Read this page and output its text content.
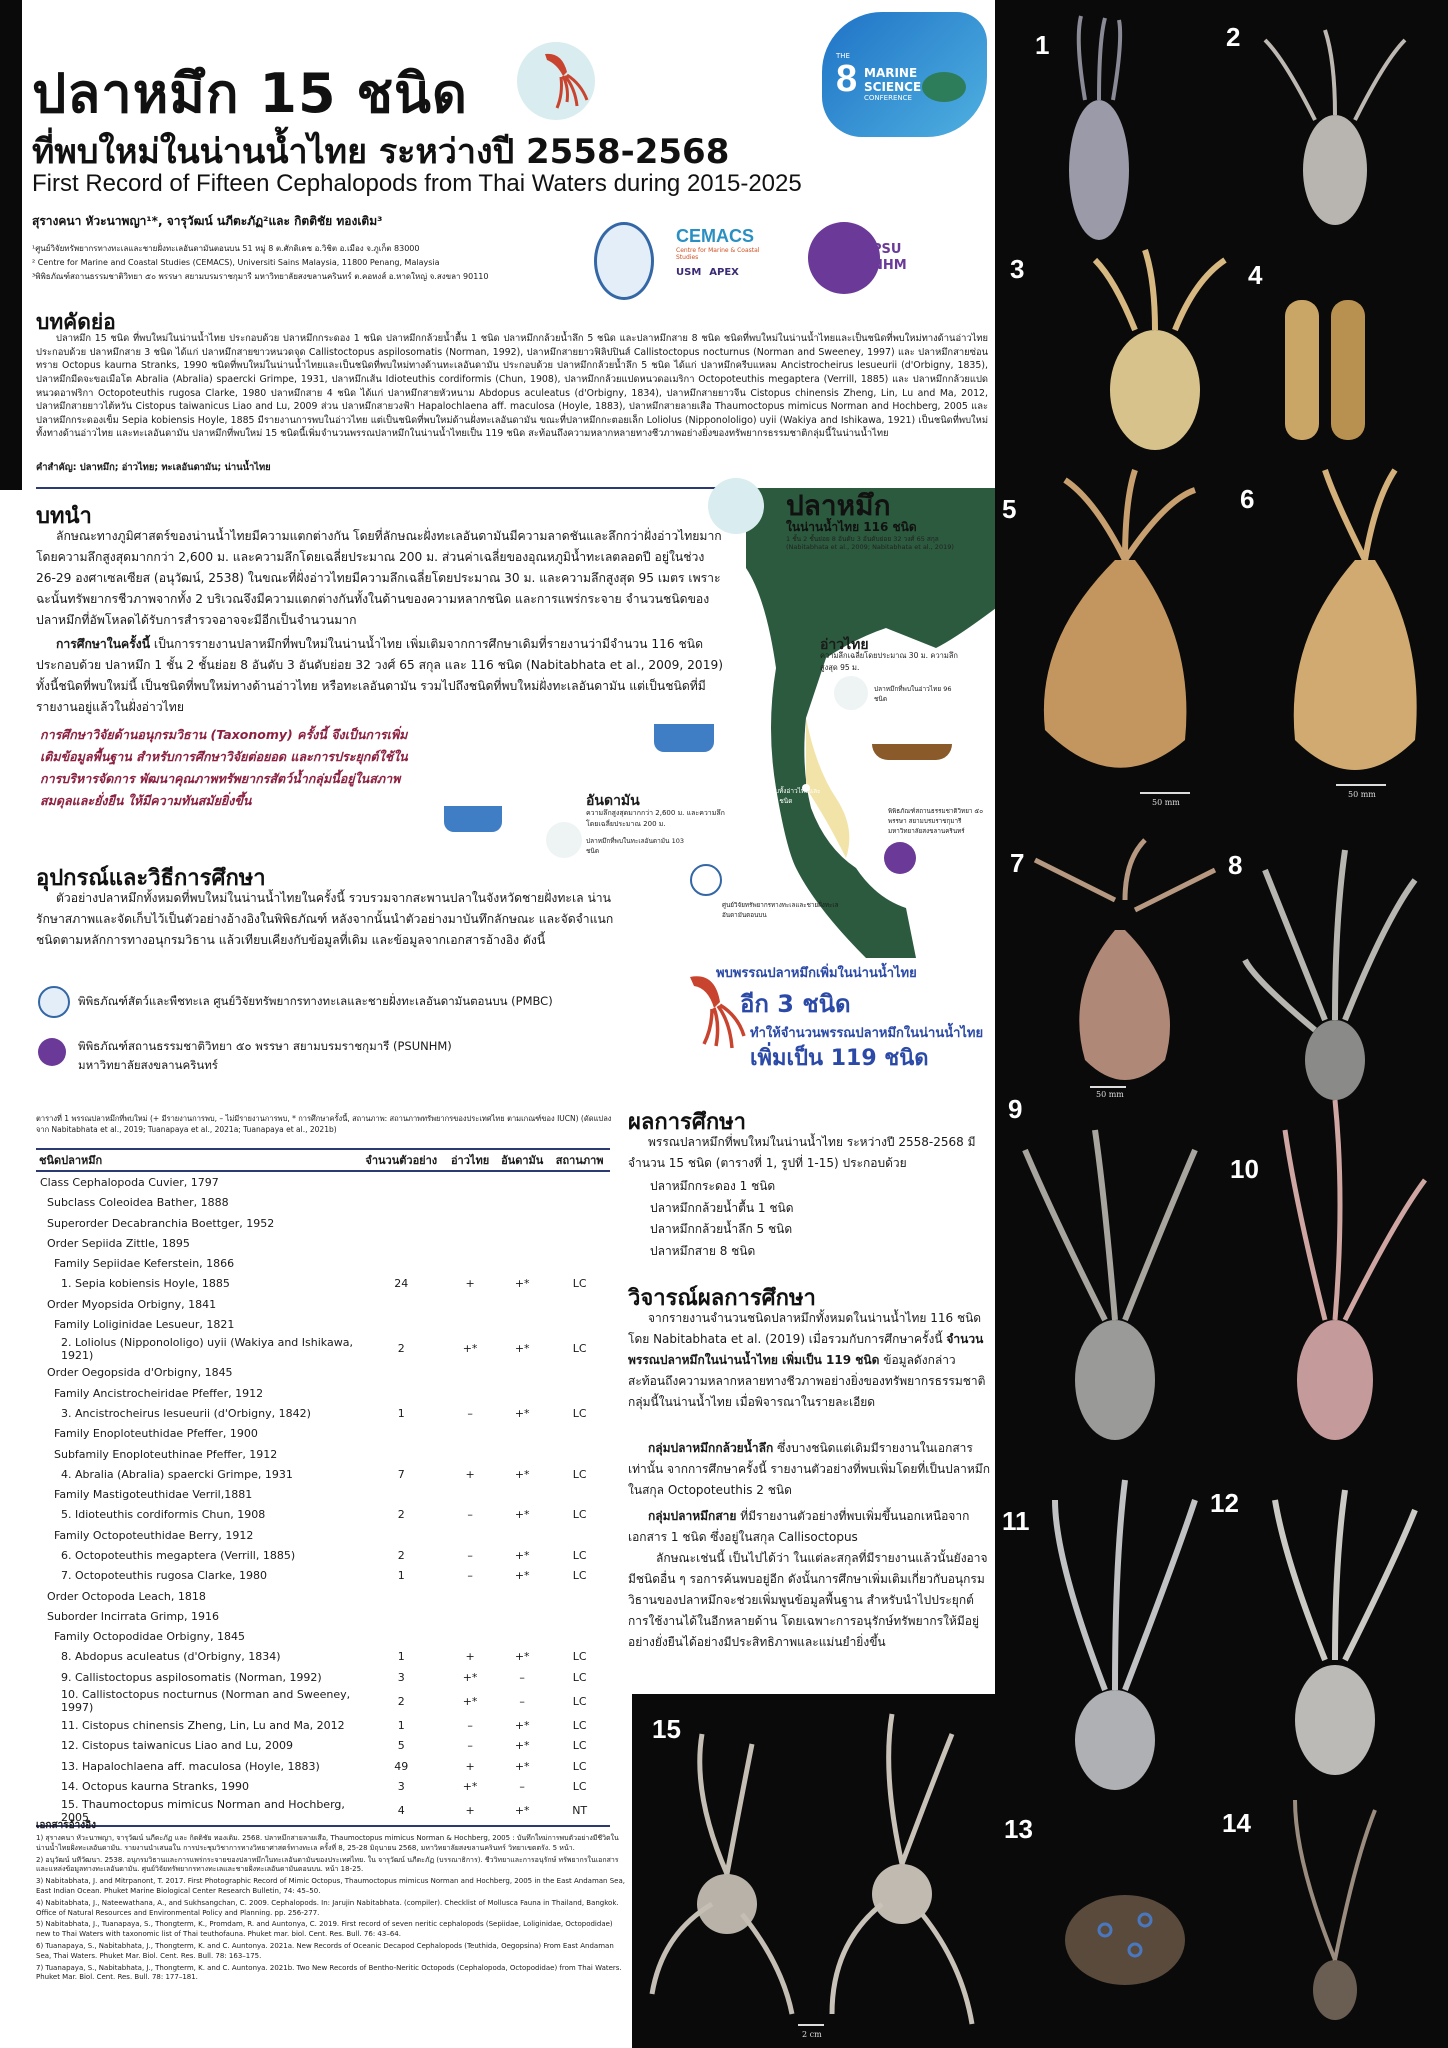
ปลาหมึก 15 ชนิด
ที่พบใหม่ในน่านน้ำไทย ระหว่างปี 2558-2568
First Record of Fifteen Cephalopods from Thai Waters during 2015-2025
THE
8 MARINE
SCIENCE
CONFERENCE
สุรางคนา หัวะนาพญา¹*, จารุวัฒน์ นภีตะภัฏ²และ กิตติชัย ทองเติม³
¹ศูนย์วิจัยทรัพยากรทางทะเลและชายฝั่งทะเลอันดามันตอนบน 51 หมู่ 8 ต.ศักดิเดช อ.วิชิต อ.เมือง จ.ภูเก็ต 83000
² Centre for Marine and Coastal Studies (CEMACS), Universiti Sains Malaysia, 11800 Penang, Malaysia
³พิพิธภัณฑ์สถานธรรมชาติวิทยา ๕๐ พรรษา สยามบรมราชกุมารี มหาวิทยาลัยสงขลานครินทร์ ต.คอหงส์ อ.หาดใหญ่ จ.สงขลา 90110
CEMACS
Centre for Marine & Coastal Studies
USM APEX
PSU
NHM
บทคัดย่อ
ปลาหมึก 15 ชนิด ที่พบใหม่ในน่านน้ำไทย ประกอบด้วย ปลาหมึกกระดอง 1 ชนิด ปลาหมึกกล้วยน้ำตื้น 1 ชนิด ปลาหมึกกล้วยน้ำลึก 5 ชนิด และปลาหมึกสาย 8 ชนิด ชนิดที่พบใหม่ในน่านน้ำไทยและเป็นชนิดที่พบใหม่ทางด้านอ่าวไทย ประกอบด้วย ปลาหมึกสาย 3 ชนิด ได้แก่ ปลาหมึกสายขาวหนวดจุด Callistoctopus aspilosomatis (Norman, 1992), ปลาหมึกสายยาวฟิลิปปินส์ Callistoctopus nocturnus (Norman and Sweeney, 1997) และ ปลาหมึกสายซ่อนทราย Octopus kaurna Stranks, 1990 ชนิดที่พบใหม่ในน่านน้ำไทยและเป็นชนิดที่พบใหม่ทางด้านทะเลอันดามัน ประกอบด้วย ปลาหมึกกล้วยน้ำลึก 5 ชนิด ได้แก่ ปลาหมึกครีบแหลม Ancistrocheirus lesueurii (d'Orbigny, 1835), ปลาหมึกมีดจะขอเมือโต Abralia (Abralia) spaercki Grimpe, 1931, ปลาหมึกเส้น Idioteuthis cordiformis (Chun, 1908), ปลาหมึกกล้วยแปดหนวดอเมริกา Octopoteuthis megaptera (Verrill, 1885) และ ปลาหมึกกล้วยแปดหนวดอาฟริกา Octopoteuthis rugosa Clarke, 1980 ปลาหมึกสาย 4 ชนิด ได้แก่ ปลาหมึกสายหัวหนาม Abdopus aculeatus (d'Orbigny, 1834), ปลาหมึกสายยาวจีน Cistopus chinensis Zheng, Lin, Lu and Ma, 2012, ปลาหมึกสายยาวไต้หวัน Cistopus taiwanicus Liao and Lu, 2009 ส่วน ปลาหมึกสายวงฟ้า Hapalochlaena aff. maculosa (Hoyle, 1883), ปลาหมึกสายลายเสือ Thaumoctopus mimicus Norman and Hochberg, 2005 และ ปลาหมึกกระดองเข็ม Sepia kobiensis Hoyle, 1885 มีรายงานการพบในอ่าวไทย แต่เป็นชนิดที่พบใหม่ด้านฝั่งทะเลอันดามัน ขณะที่ปลาหมึกกะตอยเล็ก Loliolus (Nipponololigo) uyii (Wakiya and Ishikawa, 1921) เป็นชนิดที่พบใหม่ทั้งทางด้านอ่าวไทย และทะเลอันดามัน ปลาหมึกที่พบใหม่ 15 ชนิดนี้เพิ่มจำนวนพรรณปลาหมึกในน่านน้ำไทยเป็น 119 ชนิด สะท้อนถึงความหลากหลายทางชีวภาพอย่างยิ่งของทรัพยากรธรรมชาติกลุ่มนี้ในน่านน้ำไทย
คำสำคัญ: ปลาหมึก; อ่าวไทย; ทะเลอันดามัน; น่านน้ำไทย
บทนำ
ลักษณะทางภูมิศาสตร์ของน่านน้ำไทยมีความแตกต่างกัน โดยที่ลักษณะฝั่งทะเลอันดามันมีความลาดชันและลึกกว่าฝั่งอ่าวไทยมาก โดยความลึกสูงสุดมากกว่า 2,600 ม. และความลึกโดยเฉลี่ยประมาณ 200 ม. ส่วนค่าเฉลี่ยของอุณหภูมิน้ำทะเลตลอดปี อยู่ในช่วง 26-29 องศาเซลเซียส (อนุวัฒน์, 2538) ในขณะที่ฝั่งอ่าวไทยมีความลึกเฉลี่ยโดยประมาณ 30 ม. และความลึกสูงสุด 95 เมตร เพราะฉะนั้นทรัพยากรชีวภาพจากทั้ง 2 บริเวณจึงมีความแตกต่างกันทั้งในด้านของความหลากชนิด และการแพร่กระจาย จำนวนชนิดของปลาหมึกที่อัพโหลดได้รับการสำรวจอาจจะมีอีกเป็นจำนวนมาก
การศึกษาในครั้งนี้ เป็นการรายงานปลาหมึกที่พบใหม่ในน่านน้ำไทย เพิ่มเติมจากการศึกษาเดิมที่รายงานว่ามีจำนวน 116 ชนิด ประกอบด้วย ปลาหมึก 1 ชั้น 2 ชั้นย่อย 8 อันดับ 3 อันดับย่อย 32 วงศ์ 65 สกุล และ 116 ชนิด (Nabitabhata et al., 2009, 2019) ทั้งนี้ชนิดที่พบใหม่นี้ เป็นชนิดที่พบใหม่ทางด้านอ่าวไทย หรือทะเลอันดามัน รวมไปถึงชนิดที่พบใหม่ฝั่งทะเลอันดามัน แต่เป็นชนิดที่มีรายงานอยู่แล้วในฝั่งอ่าวไทย
การศึกษาวิจัยด้านอนุกรมวิธาน (Taxonomy) ครั้งนี้ จึงเป็นการเพิ่มเติมข้อมูลพื้นฐาน สำหรับการศึกษาวิจัยต่อยอด และการประยุกต์ใช้ในการบริหารจัดการ พัฒนาคุณภาพทรัพยากรสัตว์น้ำกลุ่มนี้อยู่ในสภาพสมดุลและยั่งยืน ให้มีความทันสมัยยิ่งขึ้น
ปลาหมึก
ในน่านน้ำไทย 116 ชนิด
1 ชั้น 2 ชั้นย่อย 8 อันดับ 3 อันดับย่อย 32 วงศ์ 65 สกุล
(Nabitabhata et al., 2009; Nabitabhata et al., 2019)
อ่าวไทย
ความลึกเฉลี่ยโดยประมาณ 30 ม. ความลึกสูงสุด 95 ม.
ปลาหมึกที่พบในอ่าวไทย 96 ชนิด
อันดามัน
ความลึกสูงสุดมากกว่า 2,600 ม. และความลึกโดยเฉลี่ยประมาณ 200 ม.
ปลาหมึกที่พบในทะเลอันดามัน 103 ชนิด
ปลาหมึกที่พบทั้งอ่าวไทยและอันดามัน 82 ชนิด
พิพิธภัณฑ์สถานธรรมชาติวิทยา ๕๐ พรรษา สยามบรมราชกุมารี มหาวิทยาลัยสงขลานครินทร์
ศูนย์วิจัยทรัพยากรทางทะเลและชายฝั่งทะเลอันดามันตอนบน
พบพรรณปลาหมึกเพิ่มในน่านน้ำไทย
อีก 3 ชนิด
ทำให้จำนวนพรรณปลาหมึกในน่านน้ำไทย
เพิ่มเป็น 119 ชนิด
อุปกรณ์และวิธีการศึกษา
ตัวอย่างปลาหมึกทั้งหมดที่พบใหม่ในน่านน้ำไทยในครั้งนี้ รวบรวมจากสะพานปลาในจังหวัดชายฝั่งทะเล น่านรักษาสภาพและจัดเก็บไว้เป็นตัวอย่างอ้างอิงในพิพิธภัณฑ์ หลังจากนั้นนำตัวอย่างมาบันทึกลักษณะ และจัดจำแนกชนิดตามหลักการทางอนุกรมวิธาน แล้วเทียบเคียงกับข้อมูลที่เดิม และข้อมูลจากเอกสารอ้างอิง ดังนี้
พิพิธภัณฑ์สัตว์และพืชทะเล ศูนย์วิจัยทรัพยากรทางทะเลและชายฝั่งทะเลอันดามันตอนบน (PMBC)
พิพิธภัณฑ์สถานธรรมชาติวิทยา ๕๐ พรรษา สยามบรมราชกุมารี (PSUNHM)
มหาวิทยาลัยสงขลานครินทร์
ตารางที่ 1 พรรณปลาหมึกที่พบใหม่ (+ มีรายงานการพบ, – ไม่มีรายงานการพบ, * การศึกษาครั้งนี้, สถานภาพ: สถานภาพทรัพยากรของประเทศไทย ตามเกณฑ์ของ IUCN) (ดัดแปลงจาก Nabitabhata et al., 2019; Tuanapaya et al., 2021a; Tuanapaya et al., 2021b)
ชนิดปลาหมึก	จำนวนตัวอย่าง	อ่าวไทย	อันดามัน	สถานภาพ
Class Cephalopoda Cuvier, 1797				
Subclass Coleoidea Bather, 1888				
Superorder Decabranchia Boettger, 1952				
Order Sepiida Zittle, 1895				
Family Sepiidae Keferstein, 1866				
1. Sepia kobiensis Hoyle, 1885	24	+	+*	LC
Order Myopsida Orbigny, 1841				
Family Loliginidae Lesueur, 1821				
2. Loliolus (Nipponololigo) uyii (Wakiya and Ishikawa, 1921)	2	+*	+*	LC
Order Oegopsida d'Orbigny, 1845				
Family Ancistrocheiridae Pfeffer, 1912				
3. Ancistrocheirus lesueurii (d'Orbigny, 1842)	1	–	+*	LC
Family Enoploteuthidae Pfeffer, 1900				
Subfamily Enoploteuthinae Pfeffer, 1912				
4. Abralia (Abralia) spaercki Grimpe, 1931	7	+	+*	LC
Family Mastigoteuthidae Verril,1881				
5. Idioteuthis cordiformis Chun, 1908	2	–	+*	LC
Family Octopoteuthidae Berry, 1912				
6. Octopoteuthis megaptera (Verrill, 1885)	2	–	+*	LC
7. Octopoteuthis rugosa Clarke, 1980	1	–	+*	LC
Order Octopoda Leach, 1818				
Suborder Incirrata Grimp, 1916				
Family Octopodidae Orbigny, 1845				
8. Abdopus aculeatus (d'Orbigny, 1834)	1	+	+*	LC
9. Callistoctopus aspilosomatis (Norman, 1992)	3	+*	–	LC
10. Callistoctopus nocturnus (Norman and Sweeney, 1997)	2	+*	–	LC
11. Cistopus chinensis Zheng, Lin, Lu and Ma, 2012	1	–	+*	LC
12. Cistopus taiwanicus Liao and Lu, 2009	5	–	+*	LC
13. Hapalochlaena aff. maculosa (Hoyle, 1883)	49	+	+*	LC
14. Octopus kaurna Stranks, 1990	3	+*	–	LC
15. Thaumoctopus mimicus Norman and Hochberg, 2005	4	+	+*	NT
ผลการศึกษา
พรรณปลาหมึกที่พบใหม่ในน่านน้ำไทย ระหว่างปี 2558-2568 มีจำนวน 15 ชนิด (ตารางที่ 1, รูปที่ 1-15) ประกอบด้วย
ปลาหมึกกระดอง 1 ชนิด
ปลาหมึกกล้วยน้ำตื้น 1 ชนิด
ปลาหมึกกล้วยน้ำลึก 5 ชนิด
ปลาหมึกสาย 8 ชนิด
วิจารณ์ผลการศึกษา
จากรายงานจำนวนชนิดปลาหมึกทั้งหมดในน่านน้ำไทย 116 ชนิด โดย Nabitabhata et al. (2019) เมื่อรวมกับการศึกษาครั้งนี้ จำนวนพรรณปลาหมึกในน่านน้ำไทย เพิ่มเป็น 119 ชนิด ข้อมูลดังกล่าวสะท้อนถึงความหลากหลายทางชีวภาพอย่างยิ่งของทรัพยากรธรรมชาติกลุ่มนี้ในน่านน้ำไทย เมื่อพิจารณาในรายละเอียด
กลุ่มปลาหมึกกล้วยน้ำลึก ซึ่งบางชนิดแต่เดิมมีรายงานในเอกสารเท่านั้น จากการศึกษาครั้งนี้ รายงานตัวอย่างที่พบเพิ่มโดยที่เป็นปลาหมึกในสกุล Octopoteuthis 2 ชนิด
กลุ่มปลาหมึกสาย ที่มีรายงานตัวอย่างที่พบเพิ่มขึ้นนอกเหนือจากเอกสาร 1 ชนิด ซึ่งอยู่ในสกุล Callisoctopus
ลักษณะเช่นนี้ เป็นไปได้ว่า ในแต่ละสกุลที่มีรายงานแล้วนั้นยังอาจมีชนิดอื่น ๆ รอการค้นพบอยู่อีก ดังนั้นการศึกษาเพิ่มเติมเกี่ยวกับอนุกรมวิธานของปลาหมึกจะช่วยเพิ่มพูนข้อมูลพื้นฐาน สำหรับนำไปประยุกต์การใช้งานได้ในอีกหลายด้าน โดยเฉพาะการอนุรักษ์ทรัพยากรให้มีอยู่อย่างยั่งยืนได้อย่างมีประสิทธิภาพและแม่นยำยิ่งขึ้น
เอกสารอ้างอิง
1) สุรางคนา หัวะนาพญา, จารุวัฒน์ นภีตะภัฏ และ กิตติชัย ทองเติม. 2568. ปลาหมึกสายลายเสือ, Thaumoctopus mimicus Norman & Hochberg, 2005 : บันทึกใหม่การพบตัวอย่างมีชีวิตในน่านน้ำไทยฝั่งทะเลอันดามัน. รายงานนำเสนอใน การประชุมวิชาการทางวิทยาศาสตร์ทางทะเล ครั้งที่ 8, 25-28 มิถุนายน 2568, มหาวิทยาลัยสงขลานครินทร์ วิทยาเขตตรัง. 5 หน้า.
2) อนุวัฒน์ นทีวัฒนา. 2538. อนุกรมวิธานและการแพร่กระจายของปลาหมึกในทะเลอันดามันของประเทศไทย. ใน จารุวัฒน์ นภีตะภัฏ (บรรณาธิการ). ชีววิทยาและการอนุรักษ์ ทรัพยากรในเอกสารและแหล่งข้อมูลทางทะเลอันดามัน. ศูนย์วิจัยทรัพยากรทางทะเลและชายฝั่งทะเลอันดามันตอนบน. หน้า 18-25.
3) Nabitabhata, J. and Mitrpanont, T. 2017. First Photographic Record of Mimic Octopus, Thaumoctopus mimicus Norman and Hochberg, 2005 in the East Andaman Sea, East Indian Ocean. Phuket Marine Biological Center Research Bulletin, 74: 45–50.
4) Nabitabhata, J., Nateewathana, A., and Sukhsangchan, C. 2009. Cephalopods. In: Jarujin Nabitabhata. (compiler). Checklist of Mollusca Fauna in Thailand, Bangkok. Office of Natural Resources and Environmental Policy and Planning. pp. 256-277.
5) Nabitabhata, J., Tuanapaya, S., Thongterm, K., Promdam, R. and Auntonya, C. 2019. First record of seven neritic cephalopods (Sepiidae, Loliginidae, Octopodidae) new to Thai Waters with taxonomic list of Thai teuthofauna. Phuket mar. biol. Cent. Res. Bull. 76: 43–64.
6) Tuanapaya, S., Nabitabhata, J., Thongterm, K. and C. Auntonya. 2021a. New Records of Oceanic Decapod Cephalopods (Teuthida, Oegopsina) From East Andaman Sea, Thai Waters. Phuket Mar. Biol. Cent. Res. Bull. 78: 163–175.
7) Tuanapaya, S., Nabitabhata, J., Thongterm, K. and C. Auntonya. 2021b. Two New Records of Bentho-Neritic Octopods (Cephalopoda, Octopodidae) from Thai Waters. Phuket Mar. Biol. Cent. Res. Bull. 78: 177–181.
1	2
3	4
5	6
7	8
9
10
11
12
13	14
15
50 mm
50 mm
50 mm
2 cm
